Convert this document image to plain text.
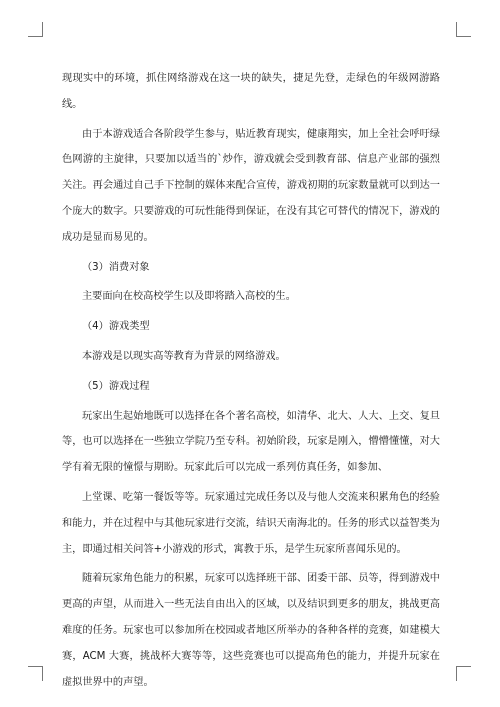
现现实中的环境，抓住网络游戏在这一块的缺失，捷足先登，走绿色的年级网游路线。

由于本游戏适合各阶段学生参与，贴近教育现实，健康翔实，加上全社会呼吁绿色网游的主旋律，只要加以适当的`炒作，游戏就会受到教育部、信息产业部的强烈关注。再会通过自己手下控制的媒体来配合宣传，游戏初期的玩家数量就可以到达一个庞大的数字。只要游戏的可玩性能得到保证，在没有其它可替代的情况下，游戏的成功是显而易见的。

（3）消费对象

主要面向在校高校学生以及即将踏入高校的生。

（4）游戏类型

本游戏是以现实高等教育为背景的网络游戏。

（5）游戏过程

玩家出生起始地既可以选择在各个著名高校，如清华、北大、人大、上交、复旦等，也可以选择在一些独立学院乃至专科。初始阶段，玩家是刚入，懵懵懂懂，对大学有着无限的憧憬与期盼。玩家此后可以完成一系列仿真任务，如参加、

上堂课、吃第一餐饭等等。玩家通过完成任务以及与他人交流来积累角色的经验和能力，并在过程中与其他玩家进行交流，结识天南海北的。任务的形式以益智类为主，即通过相关问答+小游戏的形式，寓教于乐，是学生玩家所喜闻乐见的。

随着玩家角色能力的积累，玩家可以选择班干部、团委干部、员等，得到游戏中更高的声望，从而进入一些无法自由出入的区域，以及结识到更多的朋友，挑战更高难度的任务。玩家也可以参加所在校园或者地区所举办的各种各样的竞赛，如建模大赛，ACM 大赛，挑战杯大赛等等，这些竞赛也可以提高角色的能力，并提升玩家在虚拟世界中的声望。
